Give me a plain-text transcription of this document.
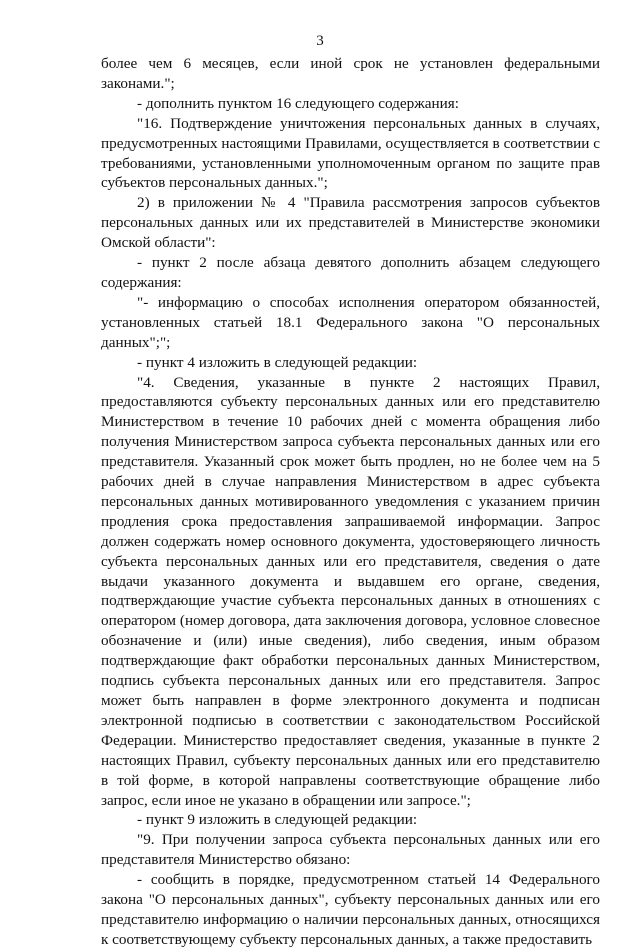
3

более чем 6 месяцев, если иной срок не установлен федеральными законами.";

- дополнить пунктом 16 следующего содержания:

"16. Подтверждение уничтожения персональных данных в случаях, предусмотренных настоящими Правилами, осуществляется в соответствии с требованиями, установленными уполномоченным органом по защите прав субъектов персональных данных.";

2) в приложении № 4 "Правила рассмотрения запросов субъектов персональных данных или их представителей в Министерстве экономики Омской области":

- пункт 2 после абзаца девятого дополнить абзацем следующего содержания:

"- информацию о способах исполнения оператором обязанностей, установленных статьей 18.1 Федерального закона "О персональных данных";";

- пункт 4 изложить в следующей редакции:

"4. Сведения, указанные в пункте 2 настоящих Правил, предоставляются субъекту персональных данных или его представителю Министерством в течение 10 рабочих дней с момента обращения либо получения Министерством запроса субъекта персональных данных или его представителя. Указанный срок может быть продлен, но не более чем на 5 рабочих дней в случае направления Министерством в адрес субъекта персональных данных мотивированного уведомления с указанием причин продления срока предоставления запрашиваемой информации. Запрос должен содержать номер основного документа, удостоверяющего личность субъекта персональных данных или его представителя, сведения о дате выдачи указанного документа и выдавшем его органе, сведения, подтверждающие участие субъекта персональных данных в отношениях с оператором (номер договора, дата заключения договора, условное словесное обозначение и (или) иные сведения), либо сведения, иным образом подтверждающие факт обработки персональных данных Министерством, подпись субъекта персональных данных или его представителя. Запрос может быть направлен в форме электронного документа и подписан электронной подписью в соответствии с законодательством Российской Федерации. Министерство предоставляет сведения, указанные в пункте 2 настоящих Правил, субъекту персональных данных или его представителю в той форме, в которой направлены соответствующие обращение либо запрос, если иное не указано в обращении или запросе.";

- пункт 9 изложить в следующей редакции:

"9. При получении запроса субъекта персональных данных или его представителя Министерство обязано:

- сообщить в порядке, предусмотренном статьей 14 Федерального закона "О персональных данных", субъекту персональных данных или его представителю информацию о наличии персональных данных, относящихся к соответствующему субъекту персональных данных, а также предоставить
